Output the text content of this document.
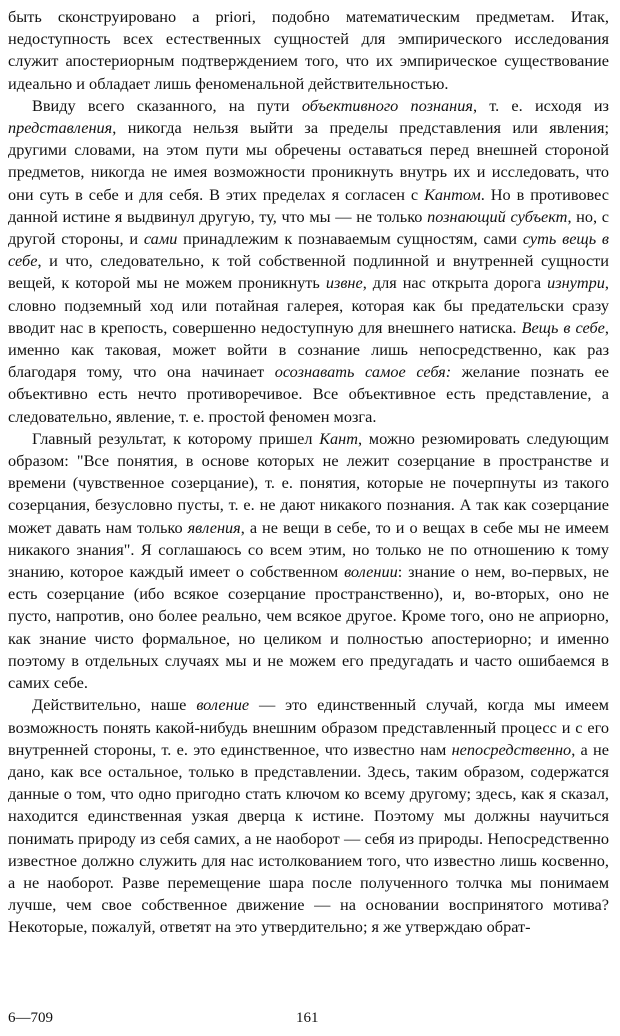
быть сконструировано a priori, подобно математическим предметам. Итак, недоступность всех естественных сущностей для эмпирического исследования служит апостериорным подтверждением того, что их эмпирическое существование идеально и обладает лишь феноменальной действительностью.

Ввиду всего сказанного, на пути объективного познания, т. е. исходя из представления, никогда нельзя выйти за пределы представления или явления; другими словами, на этом пути мы обречены оставаться перед внешней стороной предметов, никогда не имея возможности проникнуть внутрь их и исследовать, что они суть в себе и для себя. В этих пределах я согласен с Кантом. Но в противовес данной истине я выдвинул другую, ту, что мы — не только познающий субъект, но, с другой стороны, и сами принадлежим к познаваемым сущностям, сами суть вещь в себе, и что, следовательно, к той собственной подлинной и внутренней сущности вещей, к которой мы не можем проникнуть извне, для нас открыта дорога изнутри, словно подземный ход или потайная галерея, которая как бы предательски сразу вводит нас в крепость, совершенно недоступную для внешнего натиска. Вещь в себе, именно как таковая, может войти в сознание лишь непосредственно, как раз благодаря тому, что она начинает осознавать самое себя: желание познать ее объективно есть нечто противоречивое. Все объективное есть представление, а следовательно, явление, т. е. простой феномен мозга.

Главный результат, к которому пришел Кант, можно резюмировать следующим образом: "Все понятия, в основе которых не лежит созерцание в пространстве и времени (чувственное созерцание), т. е. понятия, которые не почерпнуты из такого созерцания, безусловно пусты, т. е. не дают никакого познания. А так как созерцание может давать нам только явления, а не вещи в себе, то и о вещах в себе мы не имеем никакого знания". Я соглашаюсь со всем этим, но только не по отношению к тому знанию, которое каждый имеет о собственном волении: знание о нем, во-первых, не есть созерцание (ибо всякое созерцание пространственно), и, во-вторых, оно не пусто, напротив, оно более реально, чем всякое другое. Кроме того, оно не априорно, как знание чисто формальное, но целиком и полностью апостериорно; и именно поэтому в отдельных случаях мы и не можем его предугадать и часто ошибаемся в самих себе.

Действительно, наше воление — это единственный случай, когда мы имеем возможность понять какой-нибудь внешним образом представленный процесс и с его внутренней стороны, т. е. это единственное, что известно нам непосредственно, а не дано, как все остальное, только в представлении. Здесь, таким образом, содержатся данные о том, что одно пригодно стать ключом ко всему другому; здесь, как я сказал, находится единственная узкая дверца к истине. Поэтому мы должны научиться понимать природу из себя самих, а не наоборот — себя из природы. Непосредственно известное должно служить для нас истолкованием того, что известно лишь косвенно, а не наоборот. Разве перемещение шара после полученного толчка мы понимаем лучше, чем свое собственное движение — на основании воспринятого мотива? Некоторые, пожалуй, ответят на это утвердительно; я же утверждаю обрат-

6—709	161
